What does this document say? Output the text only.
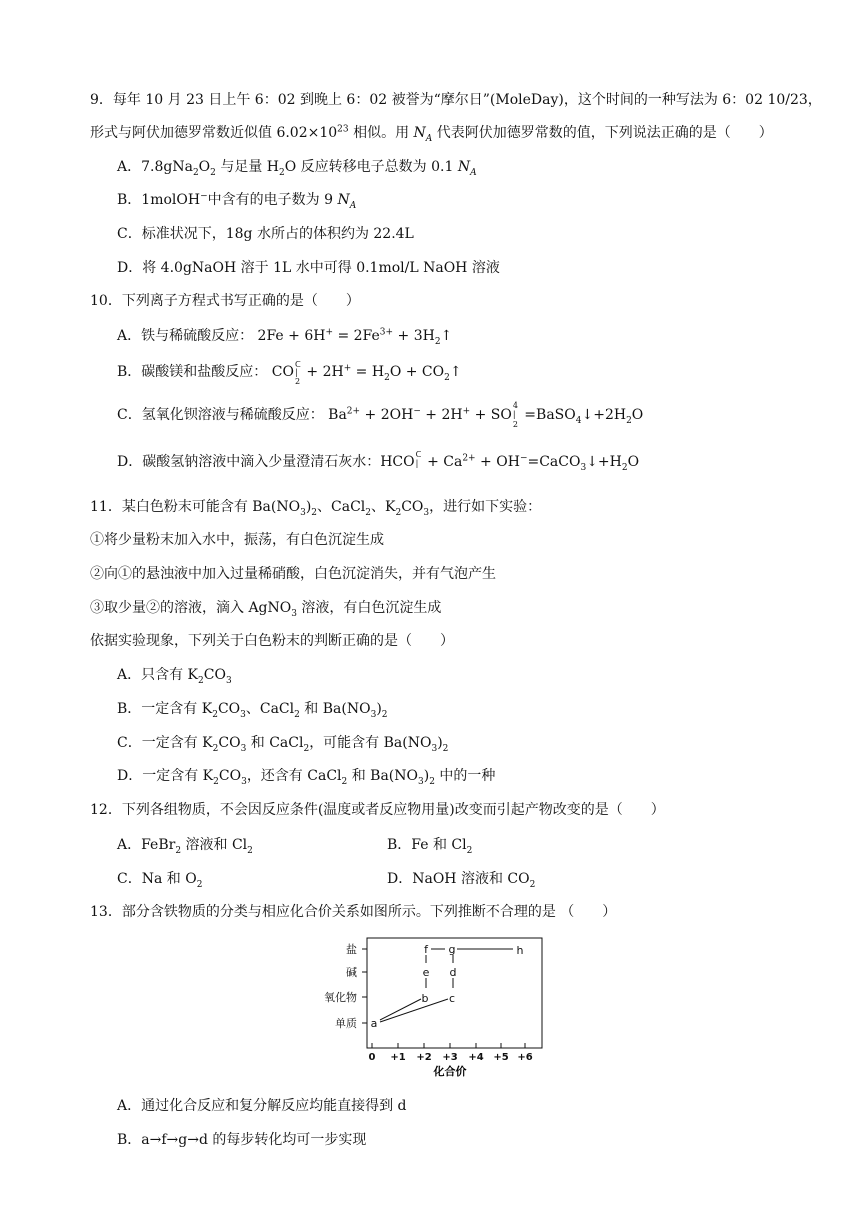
9．每年 10 月 23 日上午 6：02 到晚上 6：02 被誉为“摩尔日”(MoleDay)，这个时间的一种写法为 6：02 10/23，
形式与阿伏加德罗常数近似值 $6.02\times 10^{23}$ 相似。用 $N_A$ 代表阿伏加德罗常数的值，下列说法正确的是（　　）
A．$7.8gNa_2O_2$ 与足量 $H_2O$ 反应转移电子总数为 0.1 $N_A$
B．1molOH−中含有的电子数为 9 $N_A$
C．标准状况下，18g 水所占的体积约为 22.4L
D．将 4.0gNaOH 溶于 1L 水中可得 0.1mol/L NaOH 溶液
10．下列离子方程式书写正确的是（　　）
A．铁与稀硫酸反应： $2Fe + 6H^+ = 2Fe^{3+}$ + $3H_2↑$
B．碳酸镁和盐酸反应： CO ᑕ
|
2
+ $2H^+ = H_2O$ + $CO_2↑$
C．氢氧化钡溶液与稀硫酸反应： $Ba^{2+} + 2OH^- + 2H^+$ + SO
4
|
2
$=BaSO_4↓+2H_2O$
D．碳酸氢钠溶液中滴入少量澄清石灰水：HCO ᑕ
| + $Ca^{2+}$ + $OH^-=CaCO_3↓+H_2O$
11．某白色粉末可能含有 $Ba(NO_3)_2$、CaCl$_2$、$K_2CO_3$，进行如下实验：
①将少量粉末加入水中，振荡，有白色沉淀生成
②向①的悬浊液中加入过量稀硝酸，白色沉淀消失，并有气泡产生
③取少量②的溶液，滴入 AgNO$_3$ 溶液，有白色沉淀生成
依据实验现象，下列关于白色粉末的判断正确的是（　　）
A．只含有 $K_2CO_3$
B．一定含有 $K_2CO_3$、CaCl$_2$ 和 $Ba(NO_3)_2$
C．一定含有 $K_2CO_3$ 和 CaCl$_2$，可能含有 $Ba(NO_3)_2$
D．一定含有 $K_2CO_3$，还含有 CaCl$_2$ 和 $Ba(NO_3)_2$ 中的一种
12．下列各组物质，不会因反应条件(温度或者反应物用量)改变而引起产物改变的是（　　）
A．FeBr$_2$ 溶液和 $Cl_2$	B．Fe 和 $Cl_2$
C．Na 和 $O_2$	D．NaOH 溶液和 $CO_2$
13．部分含铁物质的分类与相应化合价关系如图所示。下列推断不合理的是 （　　）
盐
碱
氧化物
单质
0 +1 +2 +3 +4 +5 +6
化合价
f g	h
e d
b c
a
A．通过化合反应和复分解反应均能直接得到 d
B．a→f→g→d 的每步转化均可一步实现
